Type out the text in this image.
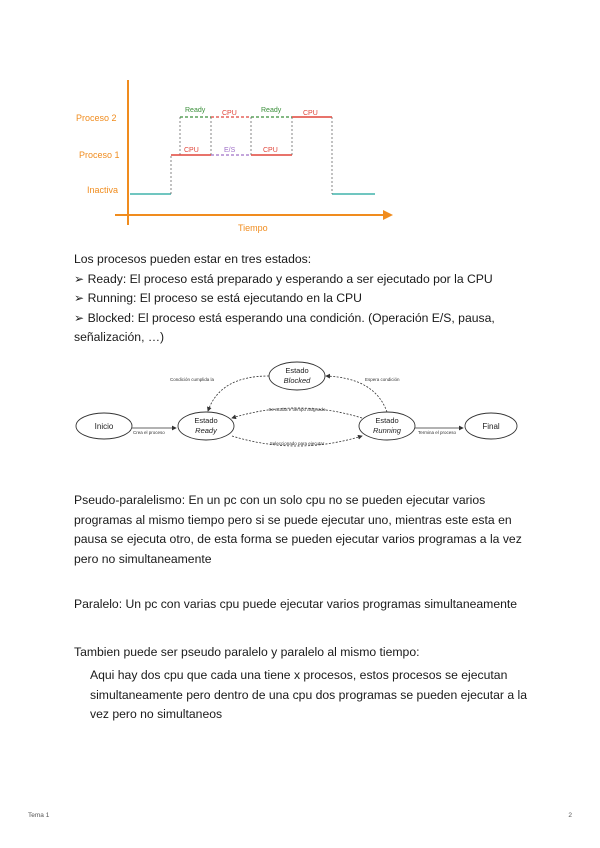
Proceso 2
Proceso 1
Inactiva
Tiempo
Ready CPU	Ready	CPU
CPU	E/S	CPU
Los procesos pueden estar en tres estados:
➢ Ready: El proceso está preparado y esperando a ser ejecutado por la CPU
➢ Running: El proceso se está ejecutando en la CPU
➢ Blocked: El proceso está esperando una condición. (Operación E/S, pausa,
señalización, …)
Inicio
Estado
Ready
Estado
Blocked
Estado
Running	Final
Crea el proceso	Termina el proceso
Condición cumplida la	Espera condición
Se acaba e tiempo asignado
Seleccionado para ejecutar
Pseudo-paralelismo: En un pc con un solo cpu no se pueden ejecutar varios
programas al mismo tiempo pero si se puede ejecutar uno, mientras este esta en
pausa se ejecuta otro, de esta forma se pueden ejecutar varios programas a la vez
pero no simultaneamente
Paralelo: Un pc con varias cpu puede ejecutar varios programas simultaneamente
Tambien puede ser pseudo paralelo y paralelo al mismo tiempo:
Aqui hay dos cpu que cada una tiene x procesos, estos procesos se ejecutan
simultaneamente pero dentro de una cpu dos programas se pueden ejecutar a la
vez pero no simultaneos
Tema 1	2
